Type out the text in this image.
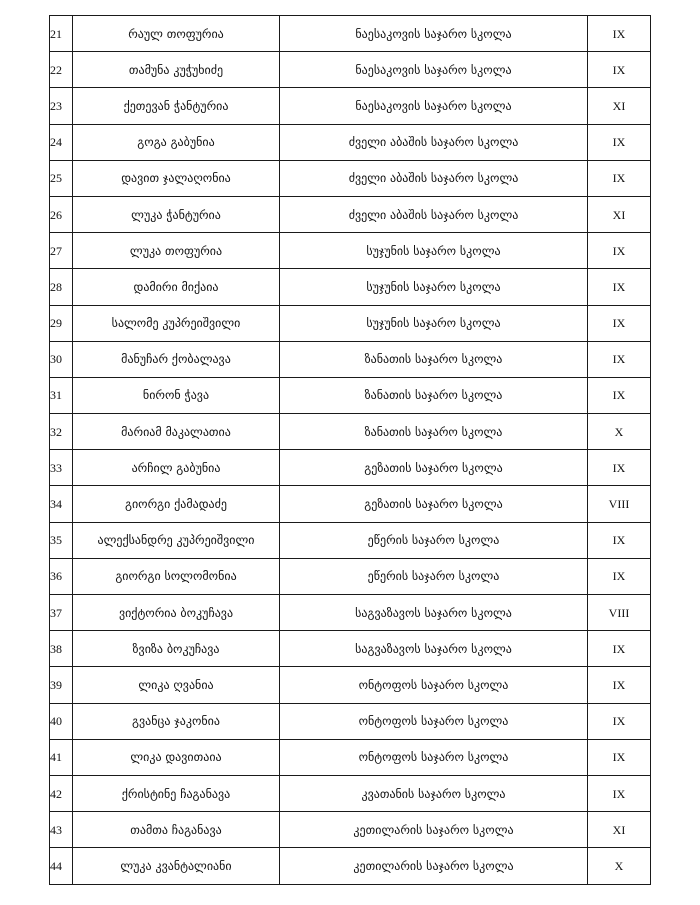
21	რაულ თოფურია	ნაესაკოვის საჯარო სკოლა	IX
22	თამუნა კუჭუხიძე	ნაესაკოვის საჯარო სკოლა	IX
23	ქეთევან ჭანტურია	ნაესაკოვის საჯარო სკოლა	XI
24	გოგა გაბუნია	ძველი აბაშის საჯარო სკოლა	IX
25	დავით ჯალაღონია	ძველი აბაშის საჯარო სკოლა	IX
26	ლუკა ჭანტურია	ძველი აბაშის საჯარო სკოლა	XI
27	ლუკა თოფურია	სუჯუნის საჯარო სკოლა	IX
28	დამირი მიქაია	სუჯუნის საჯარო სკოლა	IX
29	სალომე კუპრეიშვილი	სუჯუნის საჯარო სკოლა	IX
30	მანუჩარ ქობალავა	ზანათის საჯარო სკოლა	IX
31	ნირონ ჭავა	ზანათის საჯარო სკოლა	IX
32	მარიამ მაკალათია	ზანათის საჯარო სკოლა	X
33	არჩილ გაბუნია	გეზათის საჯარო სკოლა	IX
34	გიორგი ქამადაძე	გეზათის საჯარო სკოლა	VIII
35	ალექსანდრე კუპრეიშვილი	ეწერის საჯარო სკოლა	IX
36	გიორგი სოლომონია	ეწერის საჯარო სკოლა	IX
37	ვიქტორია ბოკუჩავა	საგვაზავოს საჯარო სკოლა	VIII
38	ზვიზა ბოკუჩავა	საგვაზავოს საჯარო სკოლა	IX
39	ლიკა ღვანია	ონტოფოს საჯარო სკოლა	IX
40	გვანცა ჯაკონია	ონტოფოს საჯარო სკოლა	IX
41	ლიკა დავითაია	ონტოფოს საჯარო სკოლა	IX
42	ქრისტინე ჩაგანავა	კვათანის საჯარო სკოლა	IX
43	თამთა ჩაგანავა	კეთილარის საჯარო სკოლა	XI
44	ლუკა კვანტალიანი	კეთილარის საჯარო სკოლა	X
